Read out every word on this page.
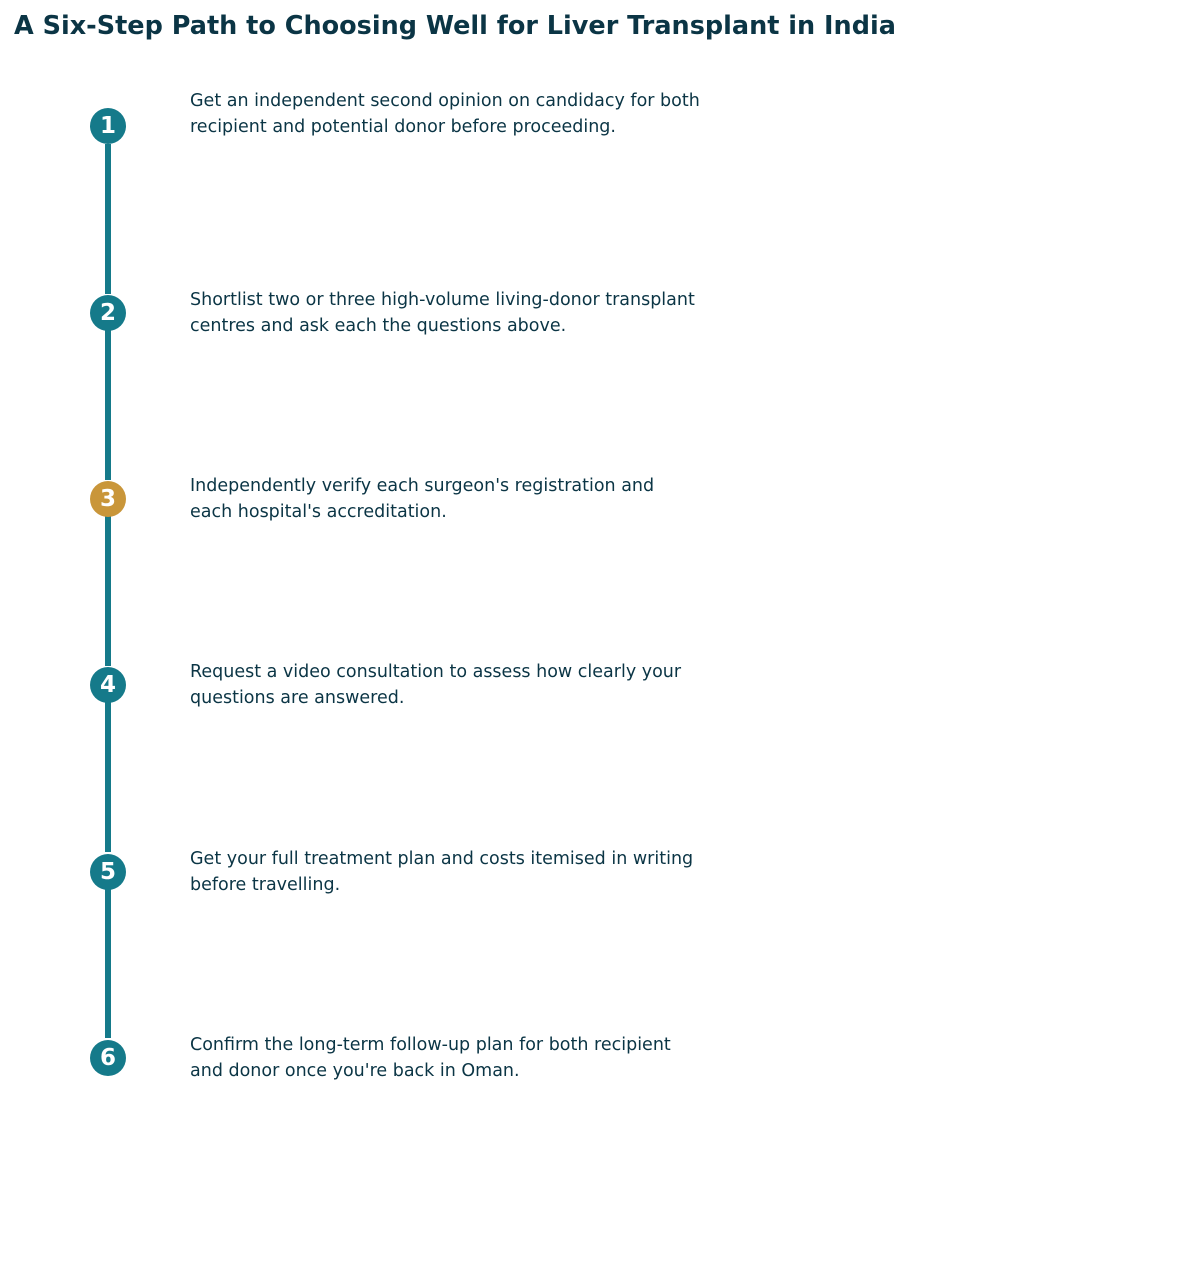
A Six-Step Path to Choosing Well for Liver Transplant in India
1

Get an independent second opinion on candidacy for both recipient and potential donor before proceeding.

2	Shortlist two or three high-volume living-donor transplant centres and ask each the questions above.

3	Independently verify each surgeon's registration and each hospital's accreditation.

4	Request a video consultation to assess how clearly your questions are answered.

5	Get your full treatment plan and costs itemised in writing before travelling.

6	Confirm the long-term follow-up plan for both recipient and donor once you're back in Oman.
